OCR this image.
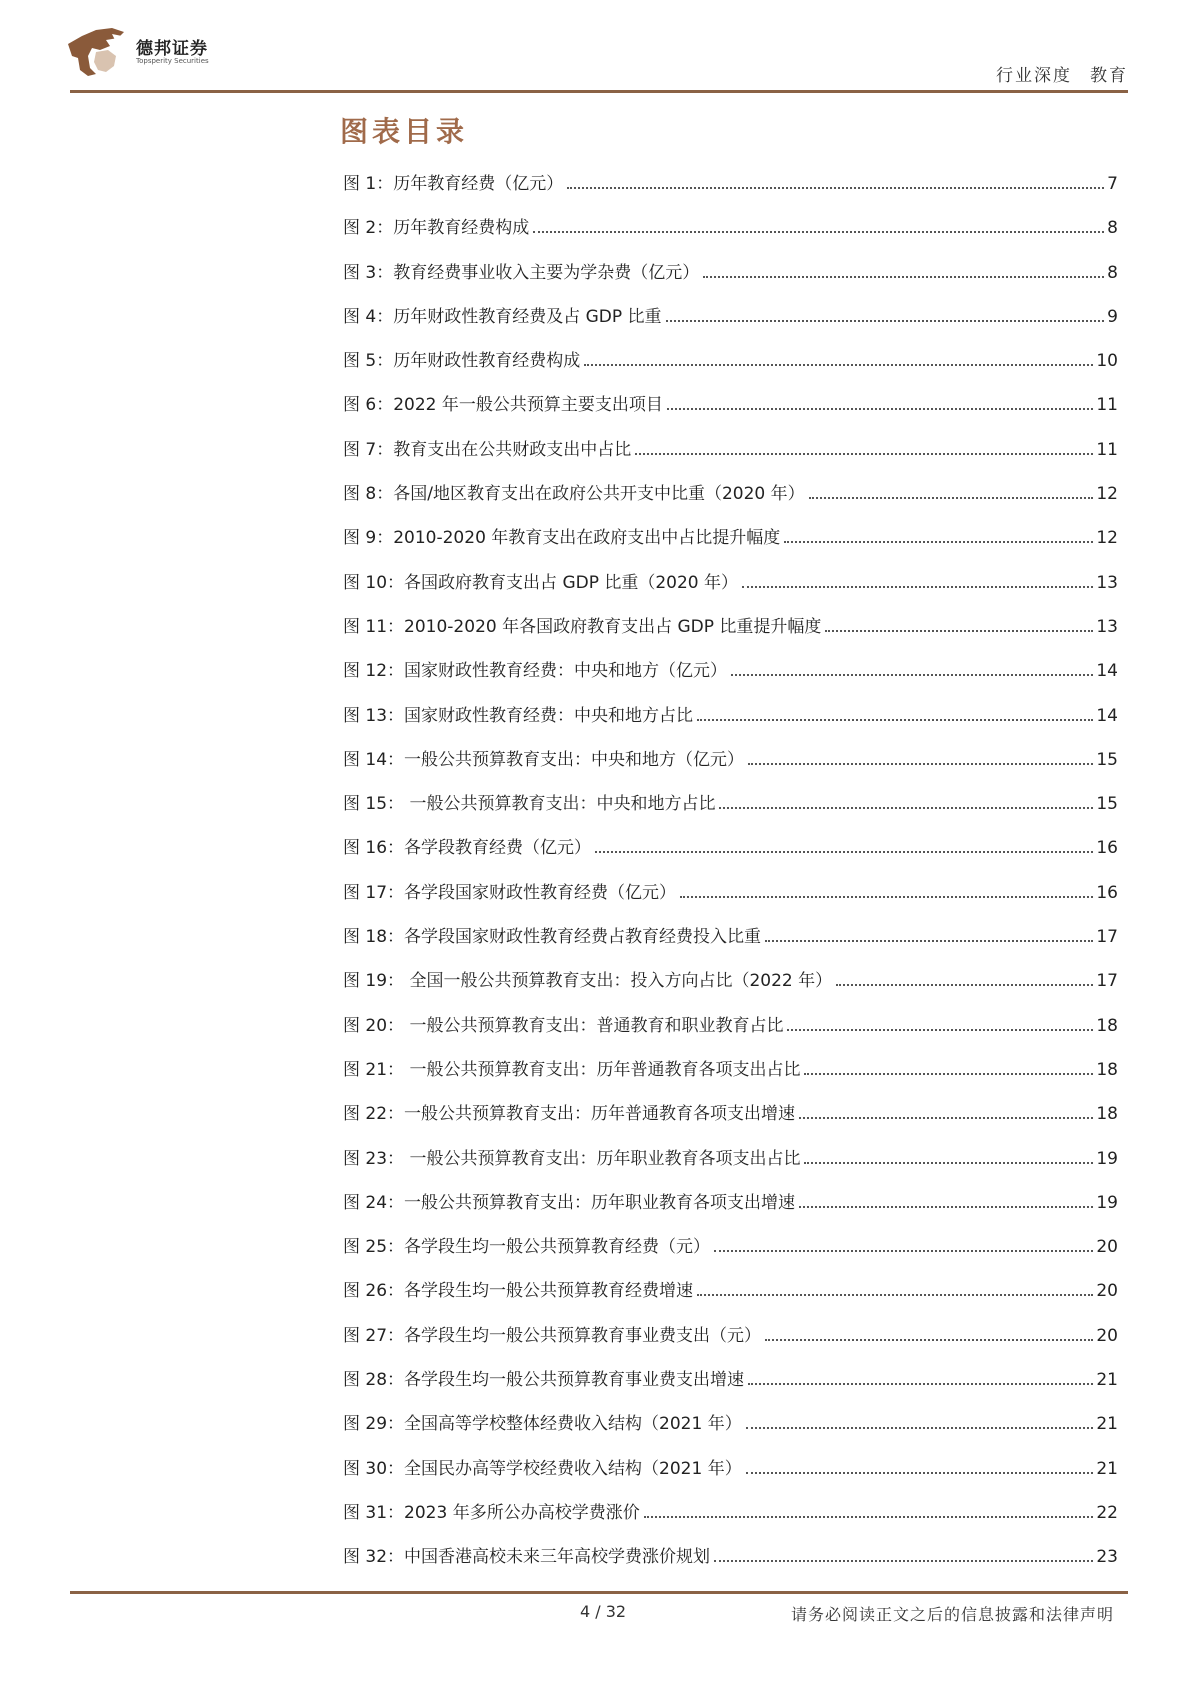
德邦证券
Topsperity Securities
行业深度 教育
图表目录
图 1：历年教育经费（亿元）	7
图 2：历年教育经费构成	8
图 3：教育经费事业收入主要为学杂费（亿元）	8
图 4：历年财政性教育经费及占 GDP 比重	9
图 5：历年财政性教育经费构成	10
图 6：2022 年一般公共预算主要支出项目	11
图 7：教育支出在公共财政支出中占比	11
图 8：各国/地区教育支出在政府公共开支中比重（2020 年）	12
图 9：2010-2020 年教育支出在政府支出中占比提升幅度	12
图 10：各国政府教育支出占 GDP 比重（2020 年）	13
图 11：2010-2020 年各国政府教育支出占 GDP 比重提升幅度	13
图 12：国家财政性教育经费：中央和地方（亿元）	14
图 13：国家财政性教育经费：中央和地方占比	14
图 14：一般公共预算教育支出：中央和地方（亿元）	15
图 15： 一般公共预算教育支出：中央和地方占比	15
图 16：各学段教育经费（亿元）	16
图 17：各学段国家财政性教育经费（亿元）	16
图 18：各学段国家财政性教育经费占教育经费投入比重	17
图 19： 全国一般公共预算教育支出：投入方向占比（2022 年）	17
图 20： 一般公共预算教育支出：普通教育和职业教育占比	18
图 21： 一般公共预算教育支出：历年普通教育各项支出占比	18
图 22：一般公共预算教育支出：历年普通教育各项支出增速	18
图 23： 一般公共预算教育支出：历年职业教育各项支出占比	19
图 24：一般公共预算教育支出：历年职业教育各项支出增速	19
图 25：各学段生均一般公共预算教育经费（元）	20
图 26：各学段生均一般公共预算教育经费增速	20
图 27：各学段生均一般公共预算教育事业费支出（元）	20
图 28：各学段生均一般公共预算教育事业费支出增速	21
图 29：全国高等学校整体经费收入结构（2021 年）	21
图 30：全国民办高等学校经费收入结构（2021 年）	21
图 31：2023 年多所公办高校学费涨价	22
图 32：中国香港高校未来三年高校学费涨价规划	23
4 / 32	请务必阅读正文之后的信息披露和法律声明
